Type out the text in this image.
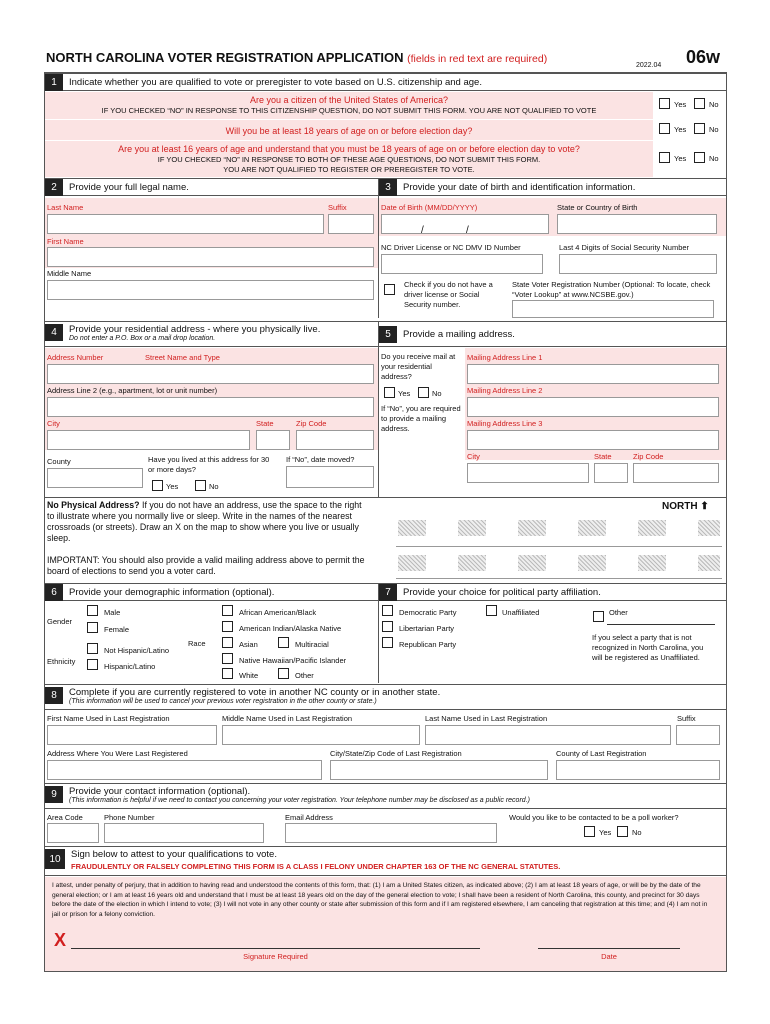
NORTH CAROLINA VOTER REGISTRATION APPLICATION (fields in red text are required)
2022.04 06w
1	Indicate whether you are qualified to vote or preregister to vote based on U.S. citizenship and age.
Are you a citizen of the United States of America?
IF YOU CHECKED “NO” IN RESPONSE TO THIS CITIZENSHIP QUESTION, DO NOT SUBMIT THIS FORM. YOU ARE NOT QUALIFIED TO VOTE
Will you be at least 18 years of age on or before election day?
Are you at least 16 years of age and understand that you must be 18 years of age on or before election day to vote?
IF YOU CHECKED “NO” IN RESPONSE TO BOTH OF THESE AGE QUESTIONS, DO NOT SUBMIT THIS FORM.
YOU ARE NOT QUALIFIED TO REGISTER OR PREREGISTER TO VOTE.
Yes	No
Yes	No
Yes	No
2	Provide your full legal name.	3	Provide your date of birth and identification information.
Last Name	Suffix
First Name
Middle Name
Date of Birth (MM/DD/YYYY)	State or Country of Birth
/	/
NC Driver License or NC DMV ID Number	Last 4 Digits of Social Security Number
Check if you do not have a driver license or Social Security number.
State Voter Registration Number (Optional: To locate, check “Voter Lookup” at www.NCSBE.gov.)
4	Provide your residential address - where you physically live.
Do not enter a P.O. Box or a mail drop location.	5	Provide a mailing address.
Address Number	Street Name and Type
Address Line 2 (e.g., apartment, lot or unit number)
City	State	Zip Code
County	Have you lived at this address for 30 or more days?
Yes	No
If “No”, date moved?
Do you receive mail at your residential address?
Yes	No
If “No”, you are required to provide a mailing address.
Mailing Address Line 1
Mailing Address Line 2
Mailing Address Line 3
City	State	Zip Code
No Physical Address? If you do not have an address, use the space to the right to illustrate where you normally live or sleep. Write in the names of the nearest crossroads (or streets). Draw an X on the map to show where you live or usually sleep.
IMPORTANT: You should also provide a valid mailing address above to permit the board of elections to send you a voter card.
NORTH ⬆
6	Provide your demographic information (optional).	7	Provide your choice for political party affiliation.
Gender
Male
Female
Ethnicity
Not Hispanic/Latino
Hispanic/Latino
Race
African American/Black
American Indian/Alaska Native
Asian	Multiracial
Native Hawaiian/Pacific Islander
White	Other
Democratic Party
Libertarian Party
Republican Party
Unaffiliated	Other
If you select a party that is not recognized in North Carolina, you will be registered as Unaffiliated.
8	Complete if you are currently registered to vote in another NC county or in another state.
(This information will be used to cancel your previous voter registration in the other county or state.)
First Name Used in Last Registration	Middle Name Used in Last Registration	Last Name Used in Last Registration	Suffix
Address Where You Were Last Registered	City/State/Zip Code of Last Registration	County of Last Registration
9	Provide your contact information (optional).
(This information is helpful if we need to contact you concerning your voter registration. Your telephone number may be disclosed as a public record.)
Area Code	Phone Number	Email Address	Would you like to be contacted to be a poll worker?
Yes	No
10	Sign below to attest to your qualifications to vote.
FRAUDULENTLY OR FALSELY COMPLETING THIS FORM IS A CLASS I FELONY UNDER CHAPTER 163 OF THE NC GENERAL STATUTES.
I attest, under penalty of perjury, that in addition to having read and understood the contents of this form, that: (1) I am a United States citizen, as indicated above; (2) I am at least 18 years of age, or will be by the date of the general election; or I am at least 16 years old and understand that I must be at least 18 years old on the day of the general election to vote; I shall have been a resident of North Carolina, this county, and precinct for 30 days before the date of the election in which I intend to vote; (3) I will not vote in any other county or state after submission of this form and if I am registered elsewhere, I am canceling that registration at this time; and (4) I am not in jail or prison for a felony conviction.
X
Signature Required	Date
